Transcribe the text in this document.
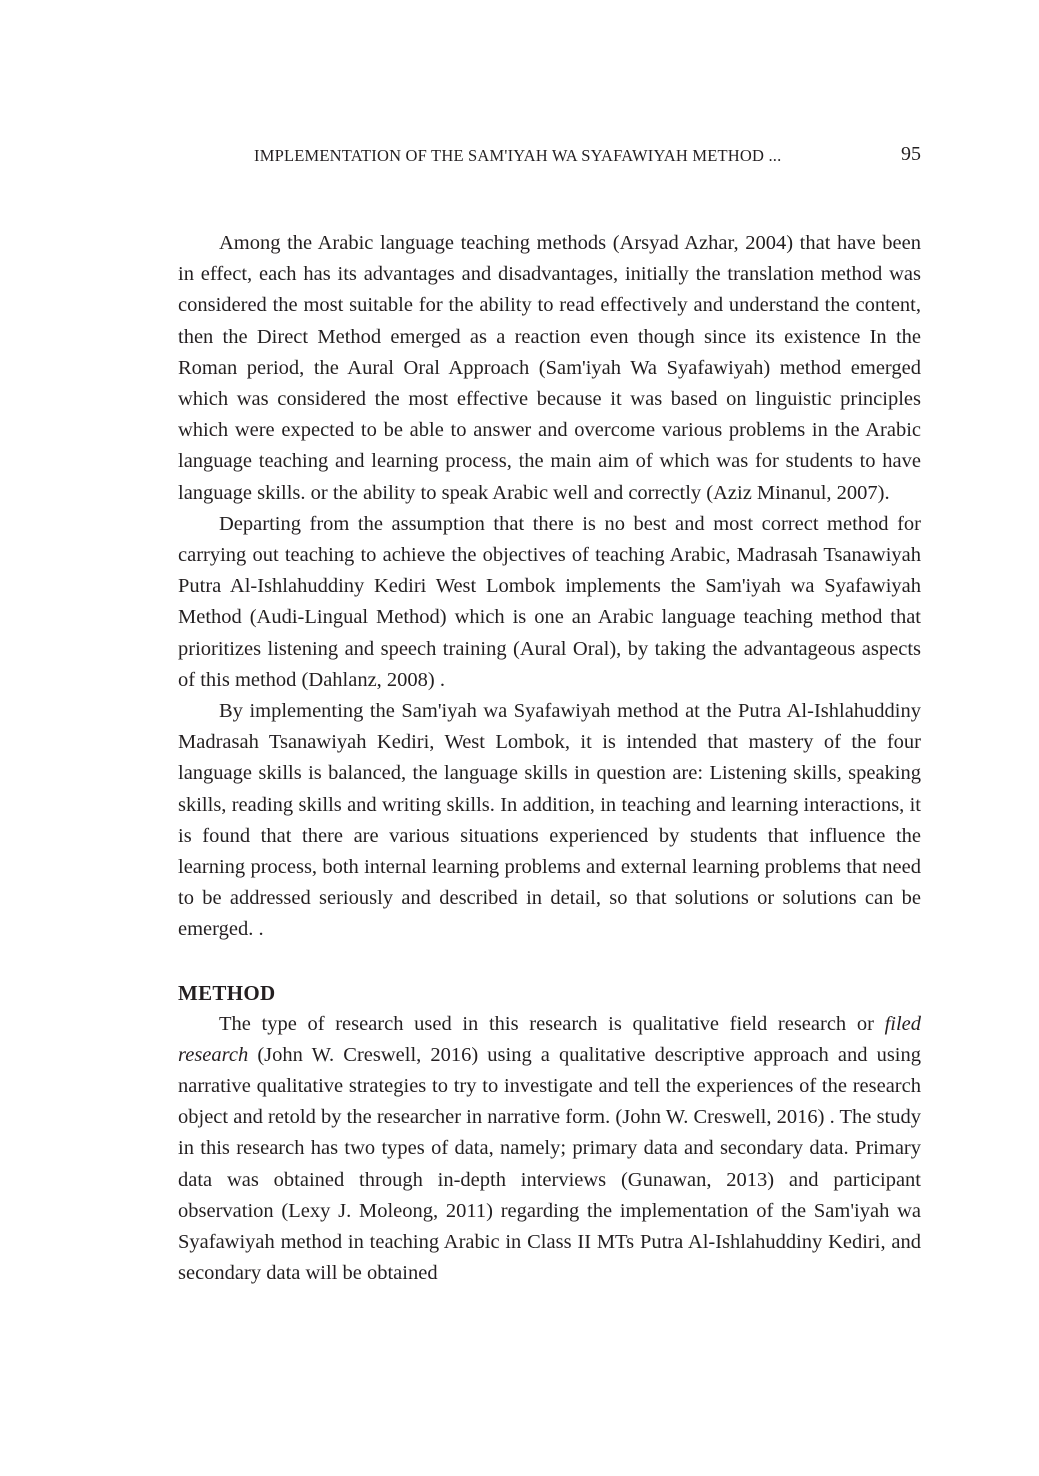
IMPLEMENTATION OF THE SAM'IYAH WA SYAFAWIYAH METHOD ...	95

Among the Arabic language teaching methods (Arsyad Azhar, 2004) that have been in effect, each has its advantages and disadvantages, initially the translation method was considered the most suitable for the ability to read effectively and understand the content, then the Direct Method emerged as a reaction even though since its existence In the Roman period, the Aural Oral Approach (Sam'iyah Wa Syafawiyah) method emerged which was considered the most effective because it was based on linguistic principles which were expected to be able to answer and overcome various problems in the Arabic language teaching and learning process, the main aim of which was for students to have language skills. or the ability to speak Arabic well and correctly (Aziz Minanul, 2007).

Departing from the assumption that there is no best and most correct method for carrying out teaching to achieve the objectives of teaching Arabic, Madrasah Tsanawiyah Putra Al-Ishlahuddiny Kediri West Lombok implements the Sam'iyah wa Syafawiyah Method (Audi-Lingual Method) which is one an Arabic language teaching method that prioritizes listening and speech training (Aural Oral), by taking the advantageous aspects of this method (Dahlanz, 2008) .

By implementing the Sam'iyah wa Syafawiyah method at the Putra Al-Ishlahuddiny Madrasah Tsanawiyah Kediri, West Lombok, it is intended that mastery of the four language skills is balanced, the language skills in question are: Listening skills, speaking skills, reading skills and writing skills. In addition, in teaching and learning interactions, it is found that there are various situations experienced by students that influence the learning process, both internal learning problems and external learning problems that need to be addressed seriously and described in detail, so that solutions or solutions can be emerged. .

METHOD

The type of research used in this research is qualitative field research or filed research (John W. Creswell, 2016) using a qualitative descriptive approach and using narrative qualitative strategies to try to investigate and tell the experiences of the research object and retold by the researcher in narrative form. (John W. Creswell, 2016) . The study in this research has two types of data, namely; primary data and secondary data. Primary data was obtained through in-depth interviews (Gunawan, 2013) and participant observation (Lexy J. Moleong, 2011) regarding the implementation of the Sam'iyah wa Syafawiyah method in teaching Arabic in Class II MTs Putra Al-Ishlahuddiny Kediri, and secondary data will be obtained
